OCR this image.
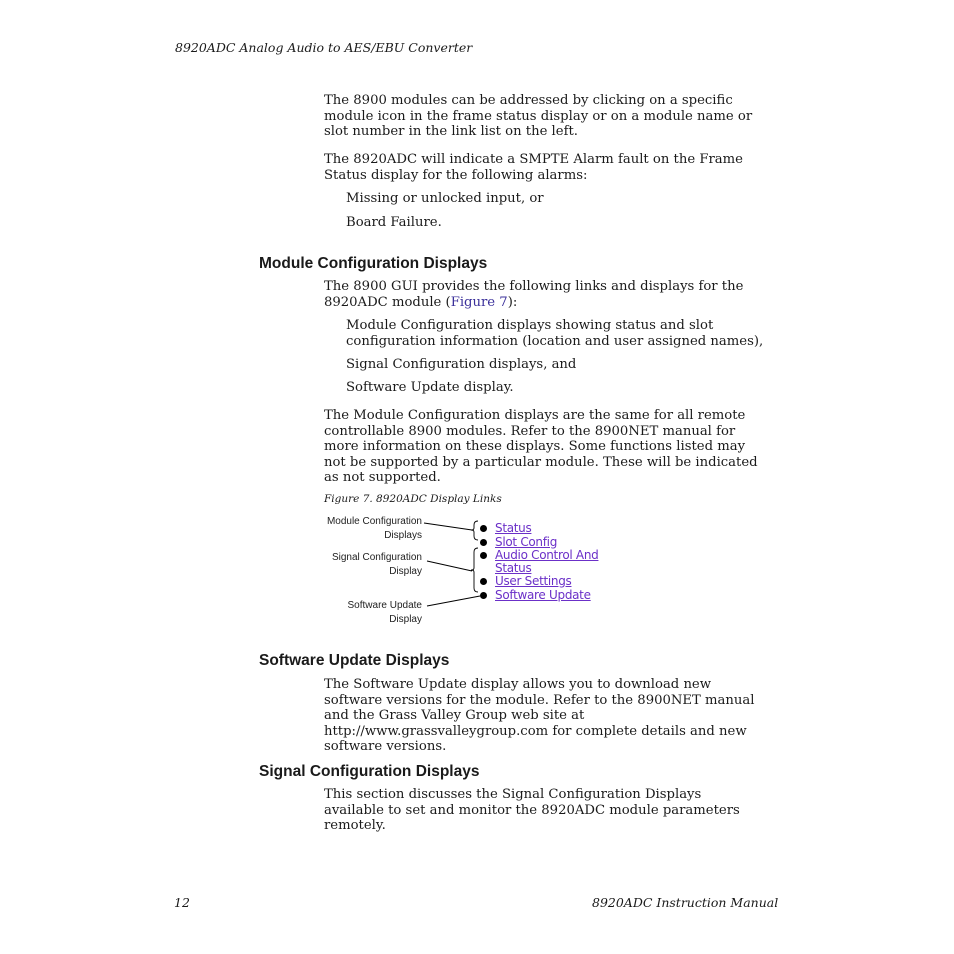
8920ADC Analog Audio to AES/EBU Converter
The 8900 modules can be addressed by clicking on a specific module icon in the frame status display or on a module name or slot number in the link list on the left.
The 8920ADC will indicate a SMPTE Alarm fault on the Frame Status display for the following alarms:
Missing or unlocked input, or
Board Failure.
Module Configuration Displays
The 8900 GUI provides the following links and displays for the 8920ADC module (Figure 7):
Module Configuration displays showing status and slot configuration information (location and user assigned names),
Signal Configuration displays, and
Software Update display.
The Module Configuration displays are the same for all remote controllable 8900 modules. Refer to the 8900NET manual for more information on these displays. Some functions listed may not be supported by a particular module. These will be indicated as not supported.
Figure 7. 8920ADC Display Links
Module Configuration Displays
Signal Configuration Display
Software Update Display
Status
Slot Config
Audio Control And
Status
User Settings
Software Update
Software Update Displays
The Software Update display allows you to download new software versions for the module. Refer to the 8900NET manual and the Grass Valley Group web site at http://www.grassvalleygroup.com for complete details and new software versions.
Signal Configuration Displays
This section discusses the Signal Configuration Displays available to set and monitor the 8920ADC module parameters remotely.
12	8920ADC Instruction Manual
